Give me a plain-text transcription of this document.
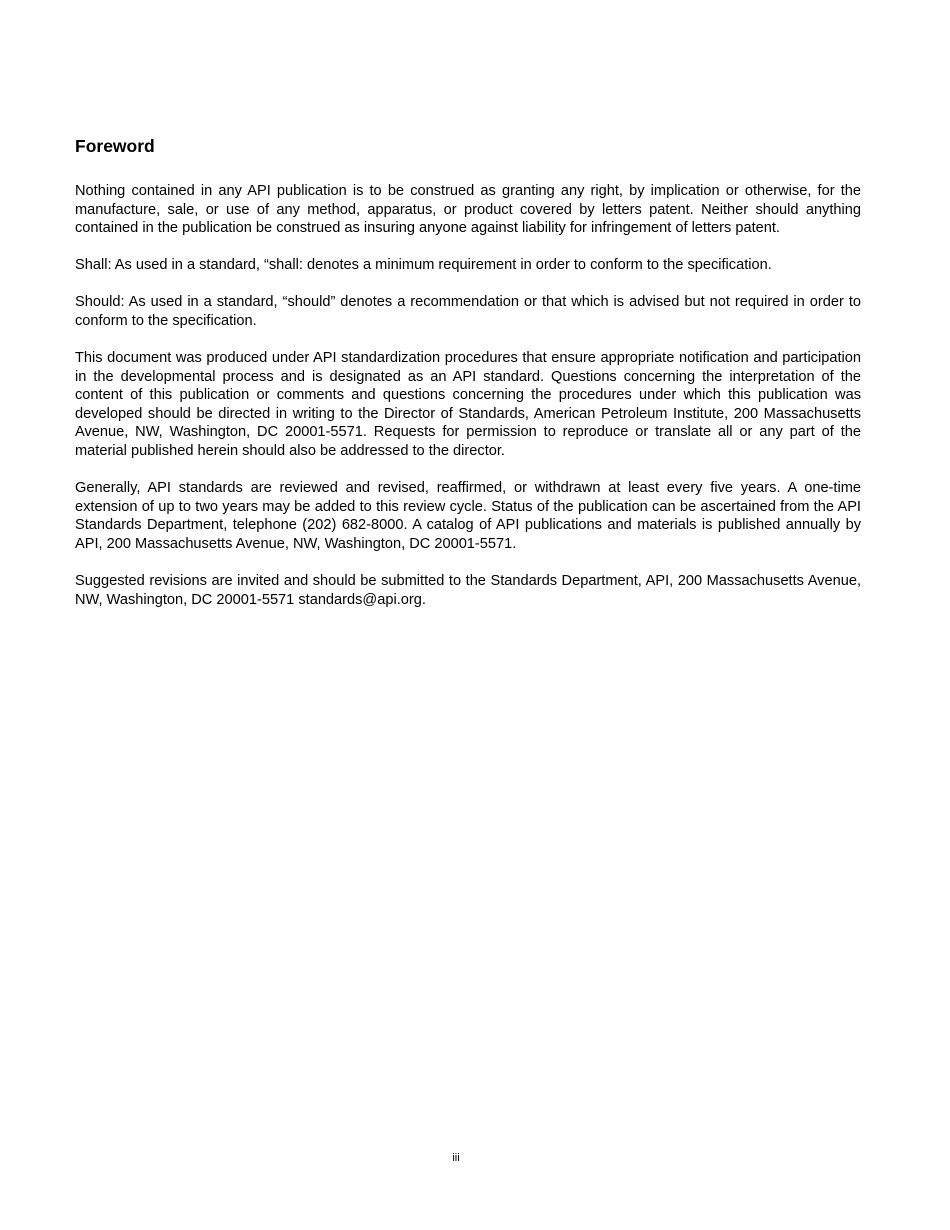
Foreword

Nothing contained in any API publication is to be construed as granting any right, by implication or otherwise, for the manufacture, sale, or use of any method, apparatus, or product covered by letters patent. Neither should anything contained in the publication be construed as insuring anyone against liability for infringement of letters patent.

Shall: As used in a standard, “shall: denotes a minimum requirement in order to conform to the specification.

Should: As used in a standard, “should” denotes a recommendation or that which is advised but not required in order to conform to the specification.

This document was produced under API standardization procedures that ensure appropriate notification and participation in the developmental process and is designated as an API standard. Questions concerning the interpretation of the content of this publication or comments and questions concerning the procedures under which this publication was developed should be directed in writing to the Director of Standards, American Petroleum Institute, 200 Massachusetts Avenue, NW, Washington, DC 20001-5571. Requests for permission to reproduce or translate all or any part of the material published herein should also be addressed to the director.

Generally, API standards are reviewed and revised, reaffirmed, or withdrawn at least every five years. A one-time extension of up to two years may be added to this review cycle. Status of the publication can be ascertained from the API Standards Department, telephone (202) 682-8000. A catalog of API publications and materials is published annually by API, 200 Massachusetts Avenue, NW, Washington, DC 20001-5571.

Suggested revisions are invited and should be submitted to the Standards Department, API, 200 Massachusetts Avenue, NW, Washington, DC 20001-5571 standards@api.org.

iii
